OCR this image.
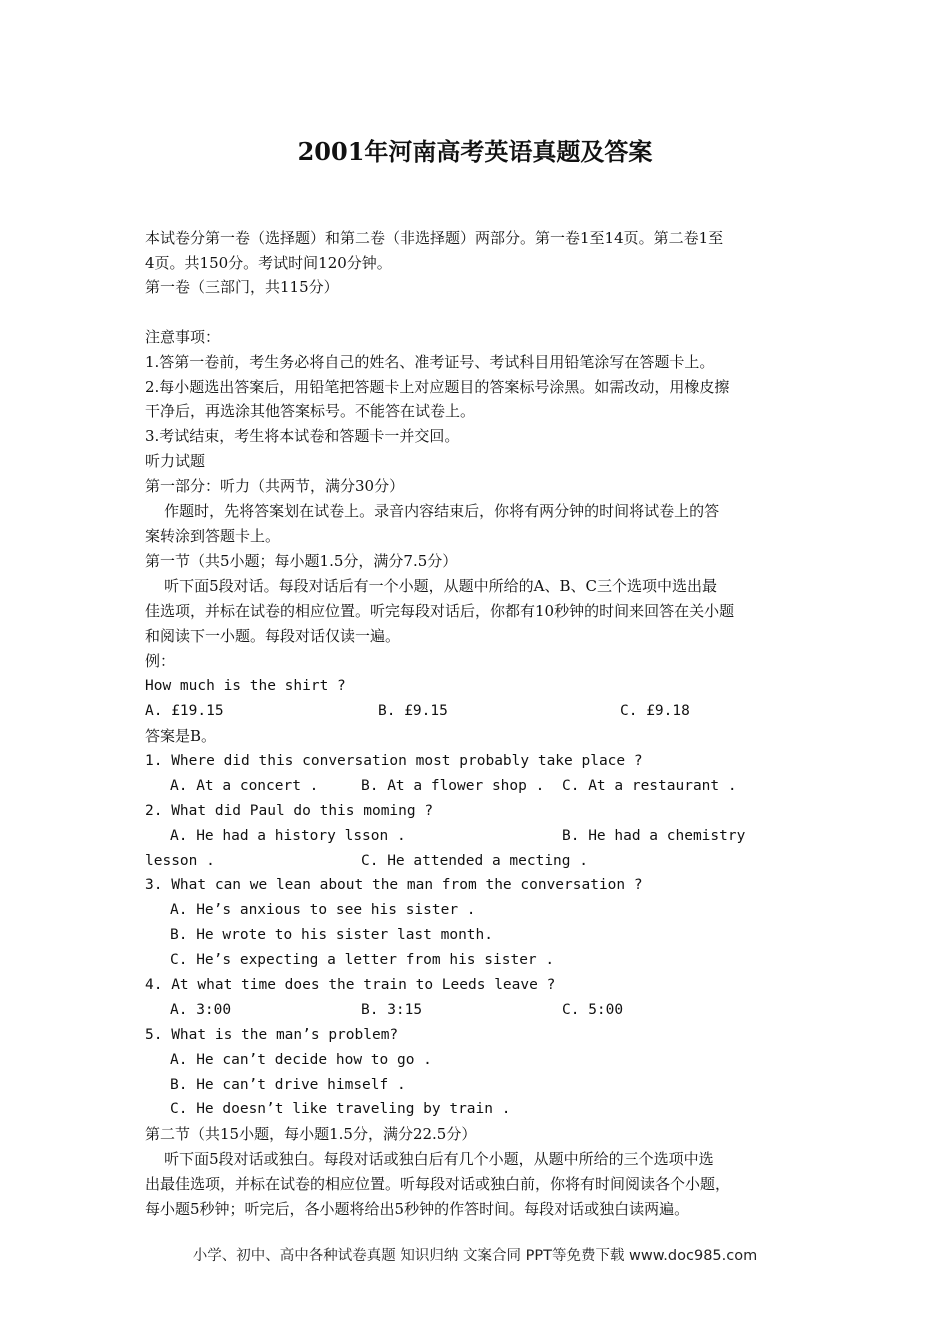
2001年河南高考英语真题及答案
本试卷分第一卷（选择题）和第二卷（非选择题）两部分。第一卷1至14页。第二卷1至
4页。共150分。考试时间120分钟。
第一卷（三部门，共115分）
注意事项：
1.答第一卷前，考生务必将自己的姓名、准考证号、考试科目用铅笔涂写在答题卡上。
2.每小题选出答案后，用铅笔把答题卡上对应题目的答案标号涂黑。如需改动，用橡皮擦
干净后，再选涂其他答案标号。不能答在试卷上。
3.考试结束，考生将本试卷和答题卡一并交回。
听力试题
第一部分：听力（共两节，满分30分）
作题时，先将答案划在试卷上。录音内容结束后，你将有两分钟的时间将试卷上的答
案转涂到答题卡上。
第一节（共5小题；每小题1.5分，满分7.5分）
听下面5段对话。每段对话后有一个小题，从题中所给的A、B、C三个选项中选出最
佳选项，并标在试卷的相应位置。听完每段对话后，你都有10秒钟的时间来回答在关小题
和阅读下一小题。每段对话仅读一遍。
例：
How much is the shirt ?
A. £19.15	B. £9.15	C. £9.18
答案是B。
1. Where did this conversation most probably take place ?
A. At a concert .	B. At a flower shop . C. At a restaurant .
2. What did Paul do this moming ?
A. He had a history lsson .	B. He had a chemistry
lesson .	C. He attended a mecting .
3. What can we lean about the man from the conversation ?
A. He’s anxious to see his sister .
B. He wrote to his sister last month.
C. He’s expecting a letter from his sister .
4. At what time does the train to Leeds leave ?
A. 3:00	B. 3:15	C. 5:00
5. What is the man’s problem?
A. He can’t decide how to go .
B. He can’t drive himself .
C. He doesn’t like traveling by train .
第二节（共15小题，每小题1.5分，满分22.5分）
听下面5段对话或独白。每段对话或独白后有几个小题，从题中所给的三个选项中选
出最佳选项，并标在试卷的相应位置。听每段对话或独白前，你将有时间阅读各个小题，
每小题5秒钟；听完后，各小题将给出5秒钟的作答时间。每段对话或独白读两遍。
小学、初中、高中各种试卷真题 知识归纳 文案合同 PPT等免费下载 www.doc985.com
